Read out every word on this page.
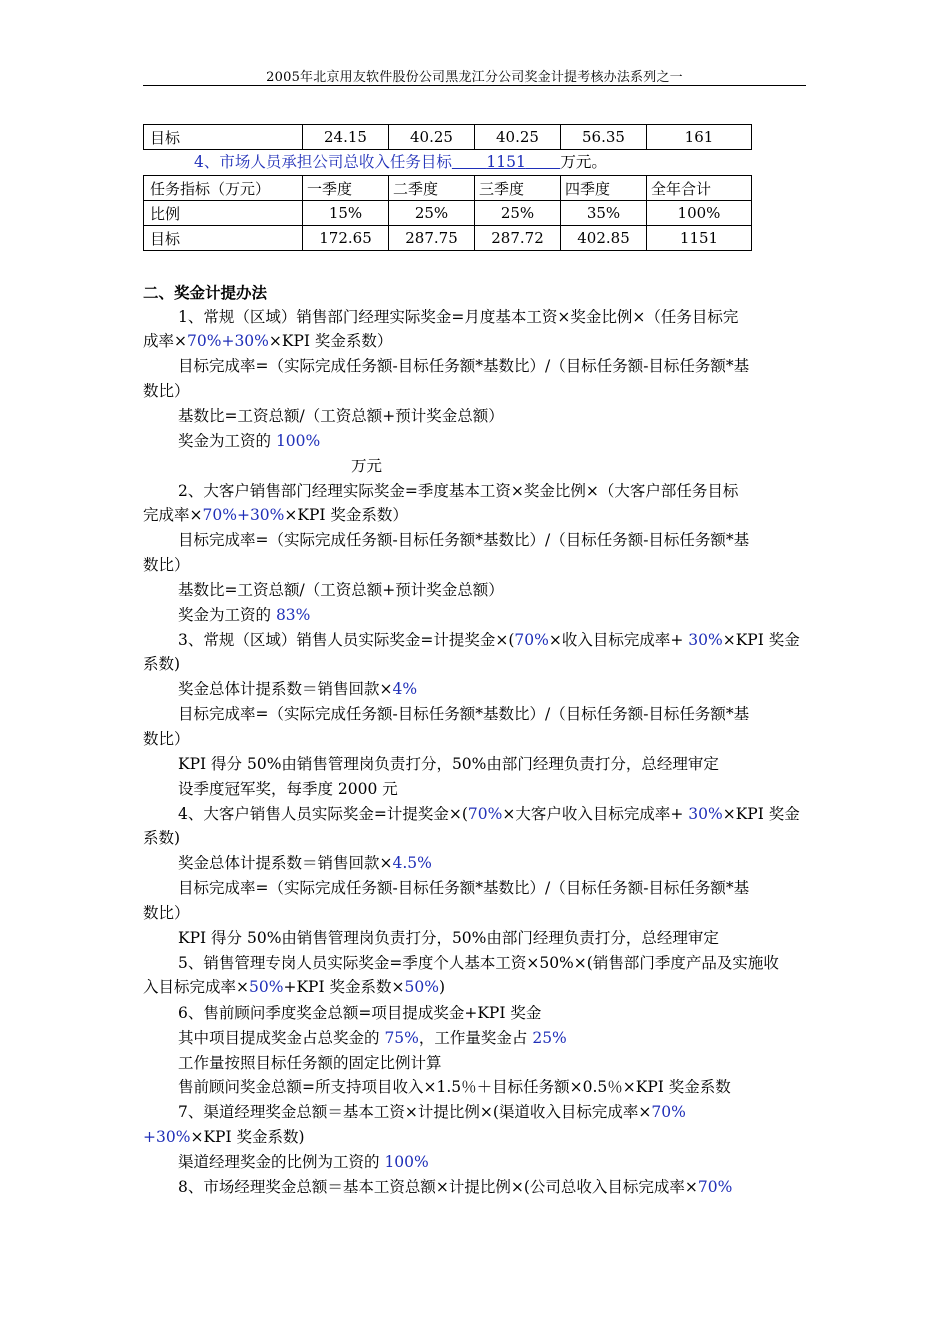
2005年北京用友软件股份公司黑龙江分公司奖金计提考核办法系列之一
目标	24.15	40.25	40.25	56.35	161
4、市场人员承担公司总收入任务目标 1151 万元。
任务指标（万元）	一季度	二季度	三季度	四季度	全年合计
比例	15%	25%	25%	35%	100%
目标	172.65	287.75	287.72	402.85	1151
二、奖金计提办法
1、常规（区域）销售部门经理实际奖金=月度基本工资×奖金比例×（任务目标完
成率×70%+30%×KPI 奖金系数）
目标完成率=（实际完成任务额-目标任务额*基数比）/（目标任务额-目标任务额*基
数比）
基数比=工资总额/（工资总额+预计奖金总额）
奖金为工资的 100%
万元
2、大客户销售部门经理实际奖金=季度基本工资×奖金比例×（大客户部任务目标
完成率×70%+30%×KPI 奖金系数）
目标完成率=（实际完成任务额-目标任务额*基数比）/（目标任务额-目标任务额*基
数比）
基数比=工资总额/（工资总额+预计奖金总额）
奖金为工资的 83%
3、常规（区域）销售人员实际奖金=计提奖金×(70%×收入目标完成率+ 30%×KPI 奖金
系数)
奖金总体计提系数＝销售回款×4%
目标完成率=（实际完成任务额-目标任务额*基数比）/（目标任务额-目标任务额*基
数比）
KPI 得分 50%由销售管理岗负责打分，50%由部门经理负责打分，总经理审定
设季度冠军奖，每季度 2000 元
4、大客户销售人员实际奖金=计提奖金×(70%×大客户收入目标完成率+ 30%×KPI 奖金
系数)
奖金总体计提系数＝销售回款×4.5%
目标完成率=（实际完成任务额-目标任务额*基数比）/（目标任务额-目标任务额*基
数比）
KPI 得分 50%由销售管理岗负责打分，50%由部门经理负责打分，总经理审定
5、销售管理专岗人员实际奖金=季度个人基本工资×50%×(销售部门季度产品及实施收
入目标完成率×50%+KPI 奖金系数×50%)
6、售前顾问季度奖金总额=项目提成奖金+KPI 奖金
其中项目提成奖金占总奖金的 75%，工作量奖金占 25%
工作量按照目标任务额的固定比例计算
售前顾问奖金总额=所支持项目收入×1.5％＋目标任务额×0.5％×KPI 奖金系数
7、渠道经理奖金总额＝基本工资×计提比例×(渠道收入目标完成率×70%
+30%×KPI 奖金系数)
渠道经理奖金的比例为工资的 100%
8、市场经理奖金总额＝基本工资总额×计提比例×(公司总收入目标完成率×70%
